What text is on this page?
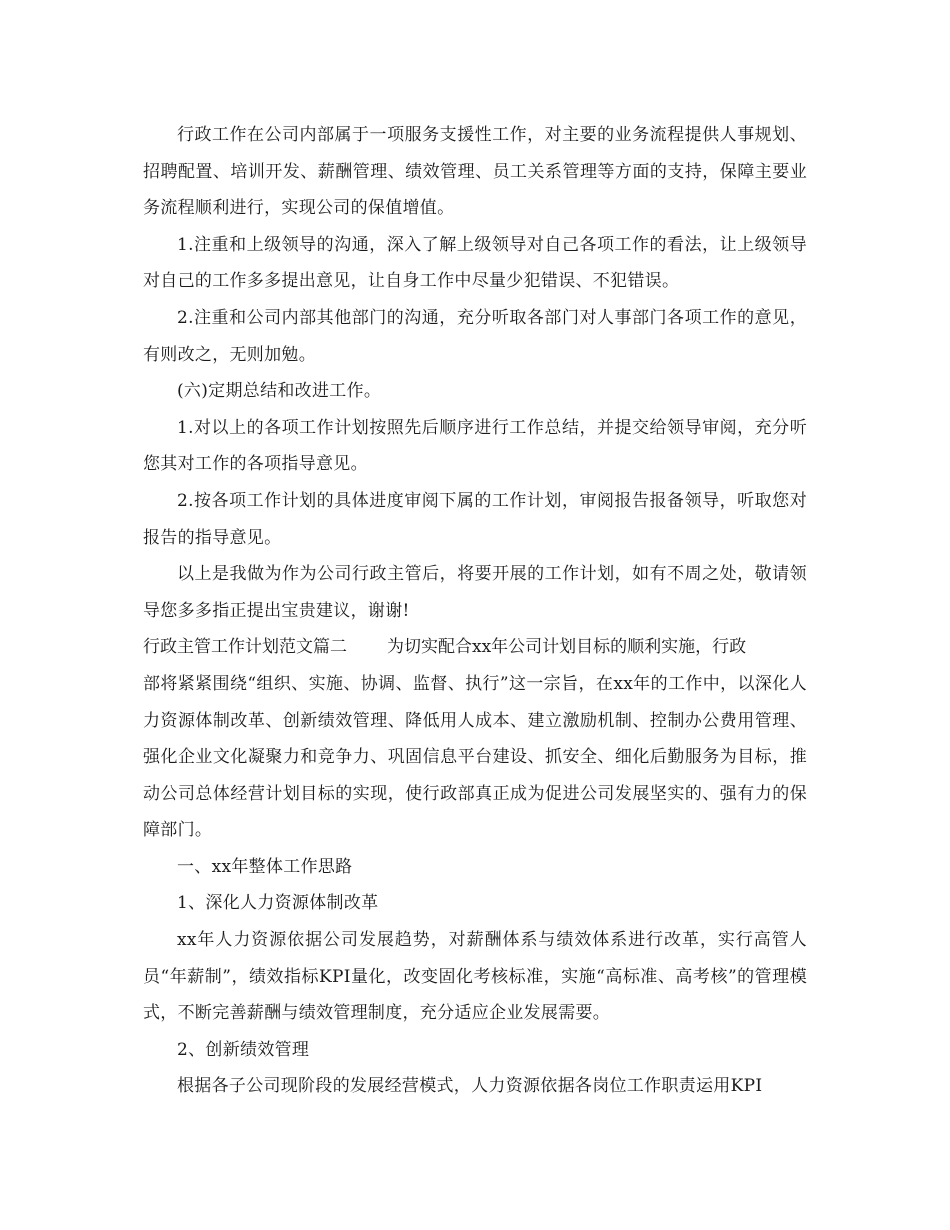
行政工作在公司内部属于一项服务支援性工作，对主要的业务流程提供人事规划、招聘配置、培训开发、薪酬管理、绩效管理、员工关系管理等方面的支持，保障主要业务流程顺利进行，实现公司的保值增值。

1.注重和上级领导的沟通，深入了解上级领导对自己各项工作的看法，让上级领导对自己的工作多多提出意见，让自身工作中尽量少犯错误、不犯错误。

2.注重和公司内部其他部门的沟通，充分听取各部门对人事部门各项工作的意见，有则改之，无则加勉。

(六)定期总结和改进工作。

1.对以上的各项工作计划按照先后顺序进行工作总结，并提交给领导审阅，充分听您其对工作的各项指导意见。

2.按各项工作计划的具体进度审阅下属的工作计划，审阅报告报备领导，听取您对报告的指导意见。

以上是我做为作为公司行政主管后，将要开展的工作计划，如有不周之处，敬请领导您多多指正提出宝贵建议，谢谢!

行政主管工作计划范文篇二 为切实配合xx年公司计划目标的顺利实施，行政

部将紧紧围绕“组织、实施、协调、监督、执行”这一宗旨，在xx年的工作中，以深化人力资源体制改革、创新绩效管理、降低用人成本、建立激励机制、控制办公费用管理、强化企业文化凝聚力和竞争力、巩固信息平台建设、抓安全、细化后勤服务为目标，推动公司总体经营计划目标的实现，使行政部真正成为促进公司发展坚实的、强有力的保障部门。

一、xx年整体工作思路

1、深化人力资源体制改革

xx年人力资源依据公司发展趋势，对薪酬体系与绩效体系进行改革，实行高管人员“年薪制”，绩效指标KPI量化，改变固化考核标准，实施“高标准、高考核”的管理模式，不断完善薪酬与绩效管理制度，充分适应企业发展需要。

2、创新绩效管理

根据各子公司现阶段的发展经营模式，人力资源依据各岗位工作职责运用KPI
